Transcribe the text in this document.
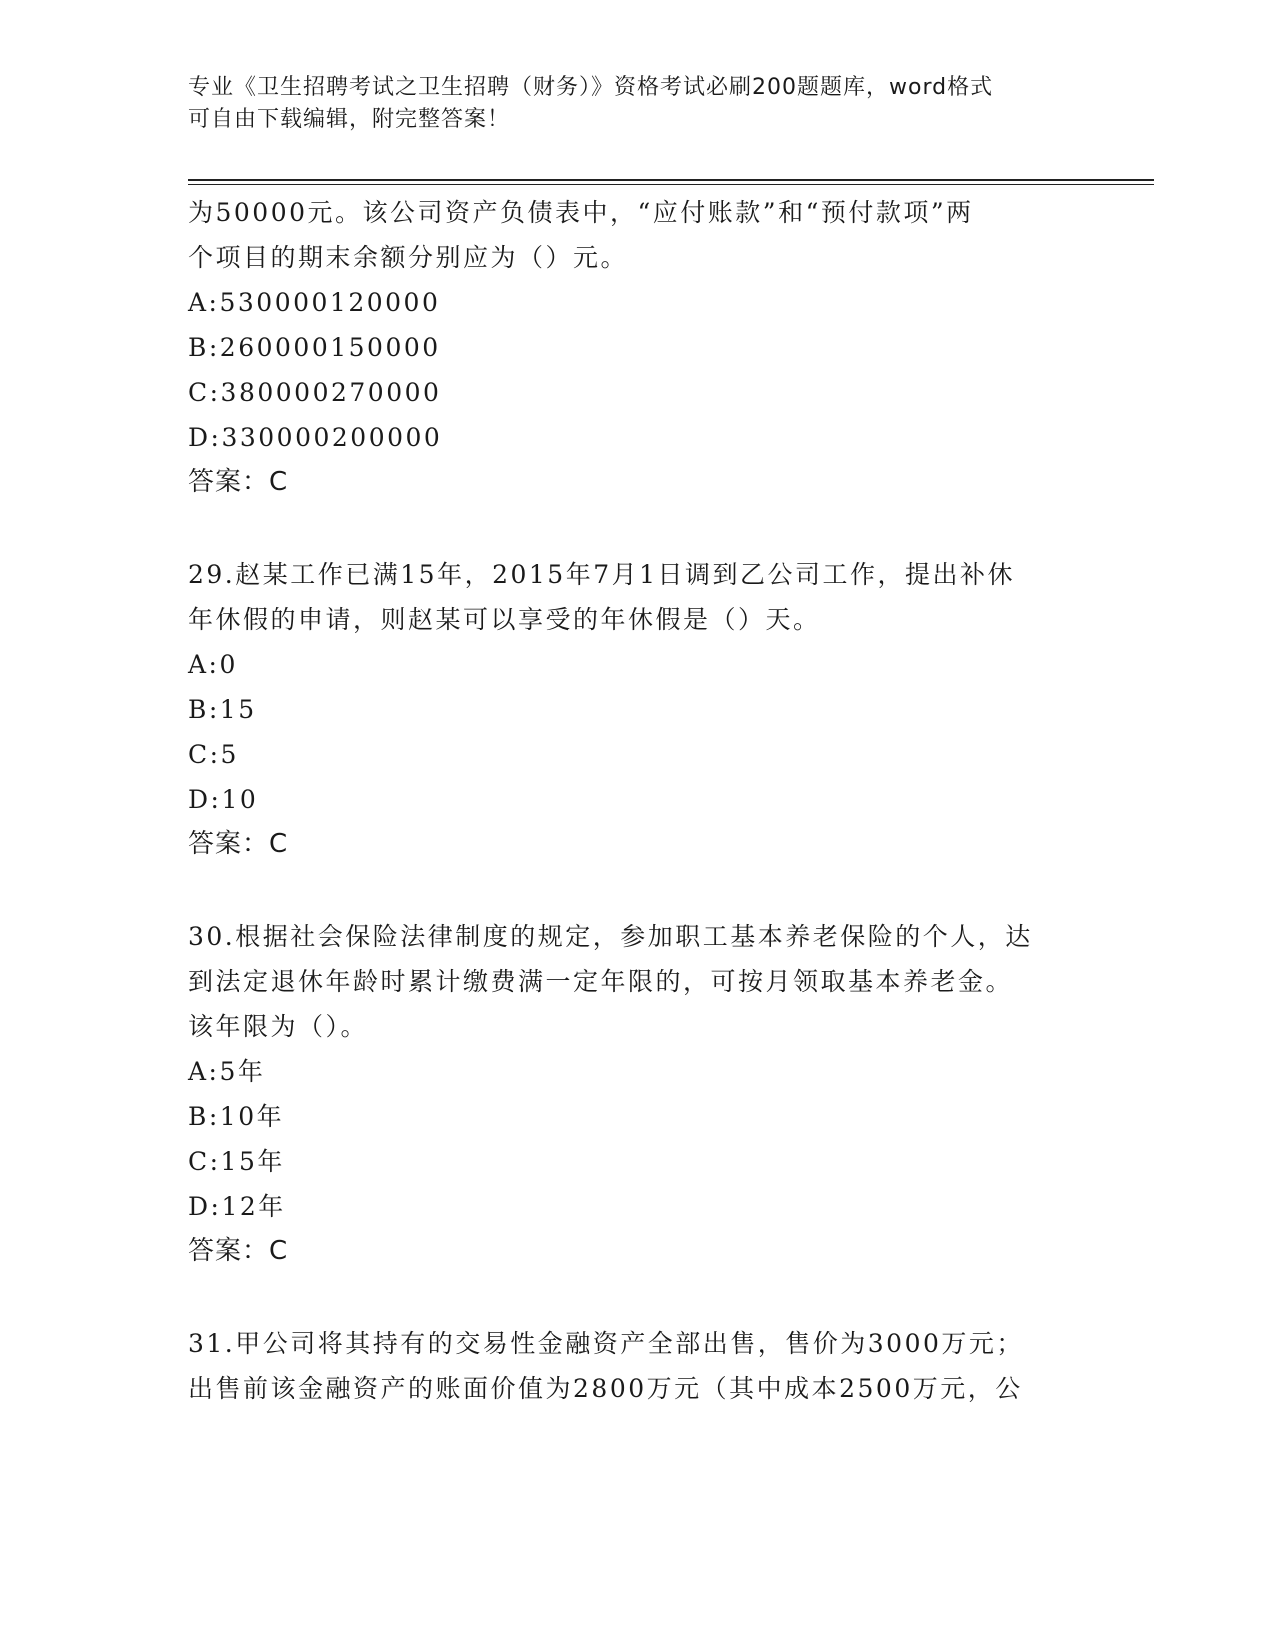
专业《卫生招聘考试之卫生招聘（财务）》资格考试必刷200题题库，word格式
可自由下载编辑，附完整答案！
为50000元。该公司资产负债表中，“应付账款”和“预付款项”两
个项目的期末余额分别应为（）元。
A:530000120000
B:260000150000
C:380000270000
D:330000200000
答案：C
29.赵某工作已满15年，2015年7月1日调到乙公司工作，提出补休
年休假的申请，则赵某可以享受的年休假是（）天。
A:0
B:15
C:5
D:10
答案：C
30.根据社会保险法律制度的规定，参加职工基本养老保险的个人，达
到法定退休年龄时累计缴费满一定年限的，可按月领取基本养老金。
该年限为（）。
A:5年
B:10年
C:15年
D:12年
答案：C
31.甲公司将其持有的交易性金融资产全部出售，售价为3000万元；
出售前该金融资产的账面价值为2800万元（其中成本2500万元，公
